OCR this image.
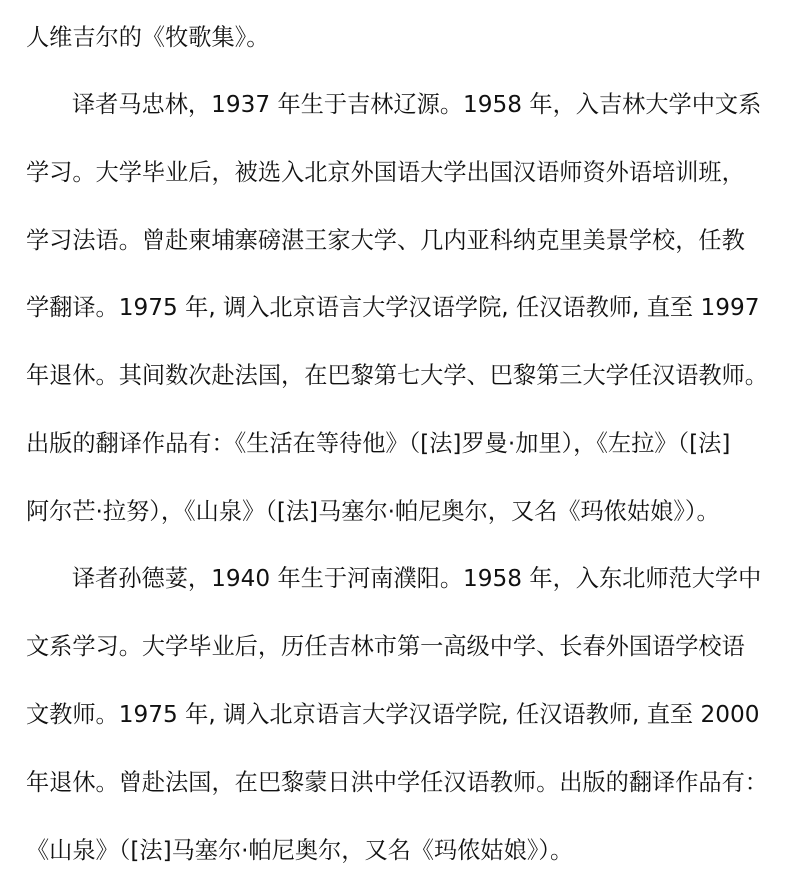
人维吉尔的《牧歌集》。
译者马忠林，1937 年生于吉林辽源。1958 年，入吉林大学中文系
学习。大学毕业后，被选入北京外国语大学出国汉语师资外语培训班，
学习法语。曾赴柬埔寨磅湛王家大学、几内亚科纳克里美景学校，任教
学翻译。1975 年, 调入北京语言大学汉语学院, 任汉语教师, 直至 1997
年退休。其间数次赴法国，在巴黎第七大学、巴黎第三大学任汉语教师。
出版的翻译作品有：《生活在等待他》（[法]罗曼·加里），《左拉》（[法]
阿尔芒·拉努），《山泉》（[法]马塞尔·帕尼奥尔，又名《玛侬姑娘》）。
译者孙德荽，1940 年生于河南濮阳。1958 年，入东北师范大学中
文系学习。大学毕业后，历任吉林市第一高级中学、长春外国语学校语
文教师。1975 年, 调入北京语言大学汉语学院, 任汉语教师, 直至 2000
年退休。曾赴法国，在巴黎蒙日洪中学任汉语教师。出版的翻译作品有：
《山泉》（[法]马塞尔·帕尼奥尔，又名《玛侬姑娘》）。
